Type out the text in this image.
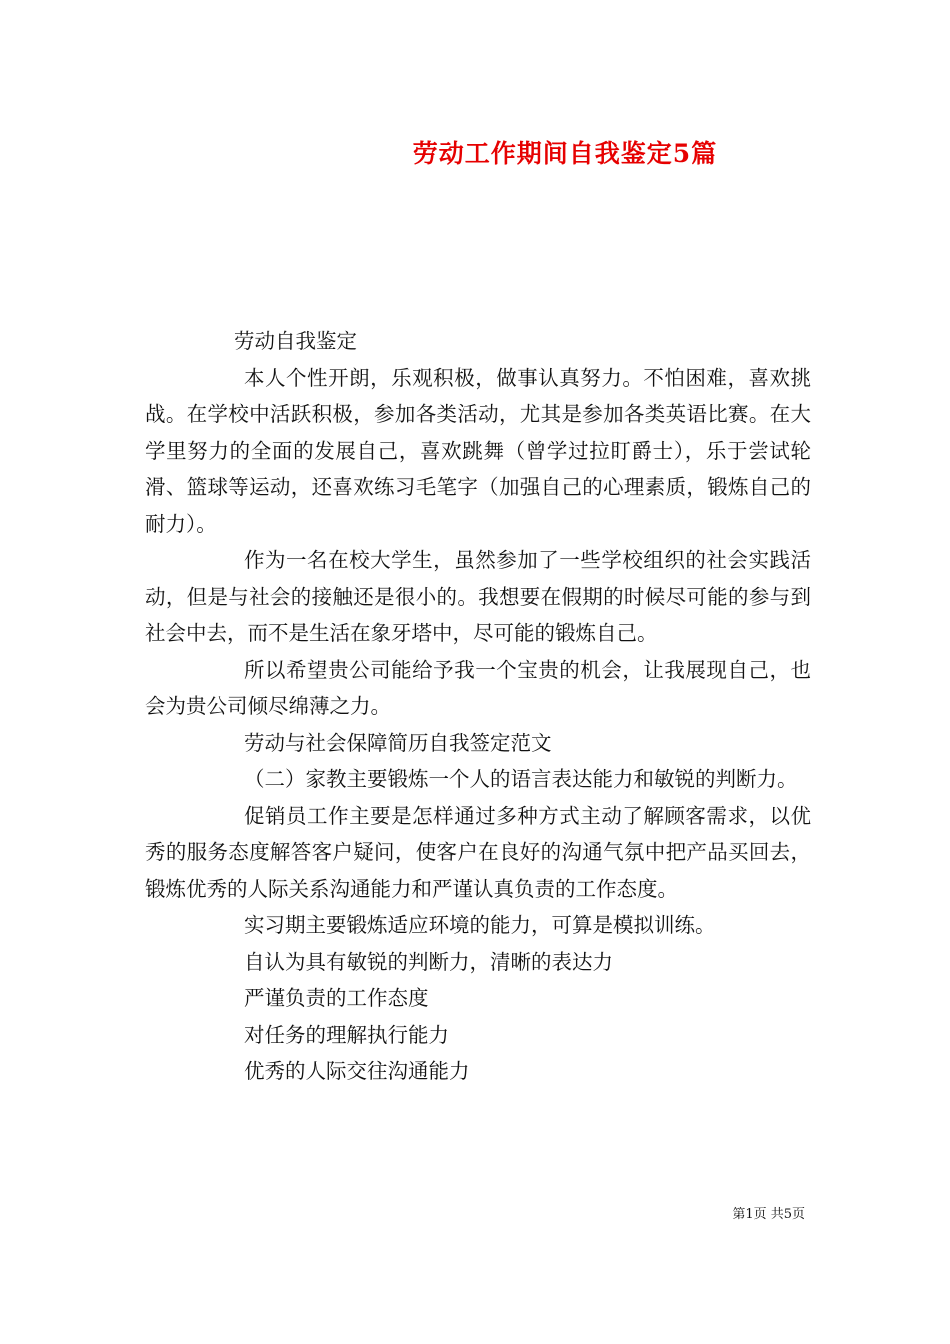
劳动工作期间自我鉴定5篇

劳动自我鉴定

本人个性开朗，乐观积极，做事认真努力。不怕困难，喜欢挑战。在学校中活跃积极，参加各类活动，尤其是参加各类英语比赛。在大学里努力的全面的发展自己，喜欢跳舞（曾学过拉盯爵士），乐于尝试轮滑、篮球等运动，还喜欢练习毛笔字（加强自己的心理素质，锻炼自己的耐力）。

作为一名在校大学生，虽然参加了一些学校组织的社会实践活动，但是与社会的接触还是很小的。我想要在假期的时候尽可能的参与到社会中去，而不是生活在象牙塔中，尽可能的锻炼自己。

所以希望贵公司能给予我一个宝贵的机会，让我展现自己，也会为贵公司倾尽绵薄之力。

劳动与社会保障简历自我签定范文

（二）家教主要锻炼一个人的语言表达能力和敏锐的判断力。

促销员工作主要是怎样通过多种方式主动了解顾客需求，以优秀的服务态度解答客户疑问，使客户在良好的沟通气氛中把产品买回去，锻炼优秀的人际关系沟通能力和严谨认真负责的工作态度。

实习期主要锻炼适应环境的能力，可算是模拟训练。

自认为具有敏锐的判断力，清晰的表达力

严谨负责的工作态度

对任务的理解执行能力

优秀的人际交往沟通能力

第1页 共5页
